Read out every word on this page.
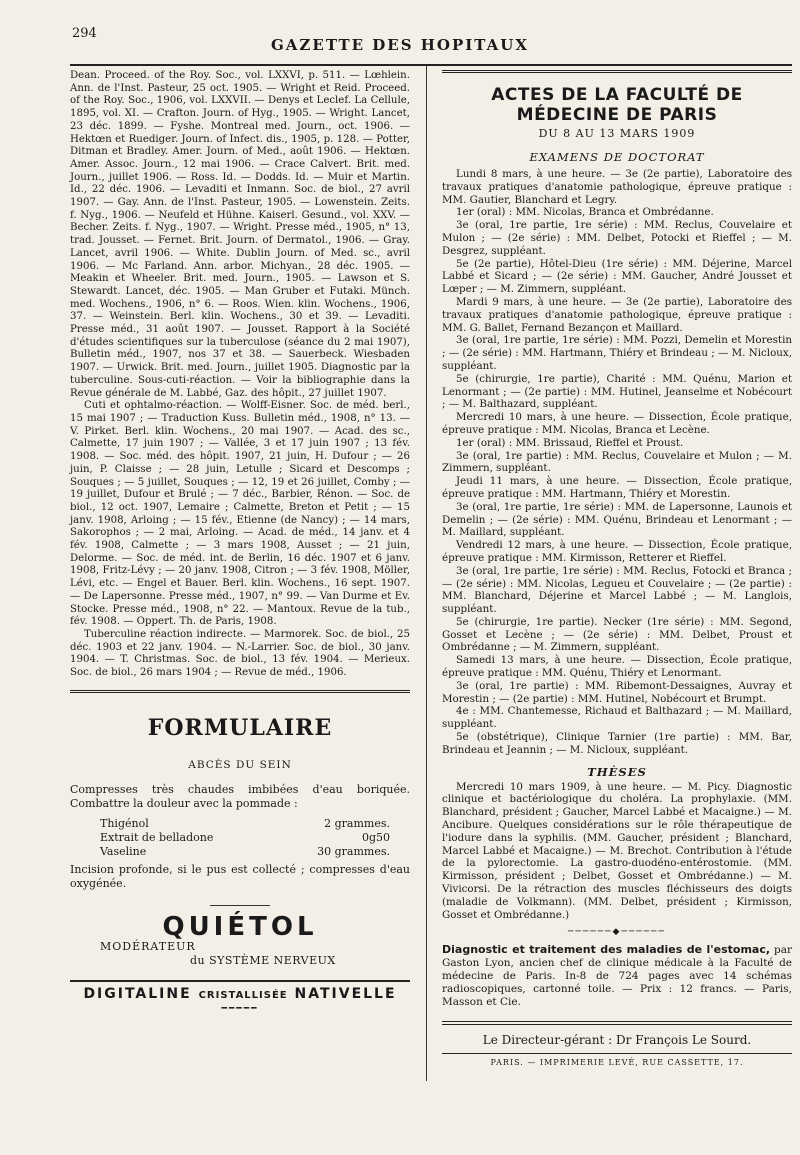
294
GAZETTE DES HOPITAUX

Dean. Proceed. of the Roy. Soc., vol. LXXVI, p. 511. — Lœhlein. Ann. de l'Inst. Pasteur, 25 oct. 1905. — Wright et Reid. Proceed. of the Roy. Soc., 1906, vol. LXXVII. — Denys et Leclef. La Cellule, 1895, vol. XI. — Crafton. Journ. of Hyg., 1905. — Wright. Lancet, 23 déc. 1899. — Fyshe. Montreal med. Journ., oct. 1906. — Hektœn et Ruediger. Journ. of Infect. dis., 1905, p. 128. — Potter, Ditman et Bradley. Amer. Journ. of Med., août 1906. — Hektœn. Amer. Assoc. Journ., 12 mai 1906. — Crace Calvert. Brit. med. Journ., juillet 1906. — Ross. Id. — Dodds. Id. — Muir et Martin. Id., 22 déc. 1906. — Levaditi et Inmann. Soc. de biol., 27 avril 1907. — Gay. Ann. de l'Inst. Pasteur, 1905. — Lowenstein. Zeits. f. Nyg., 1906. — Neufeld et Hühne. Kaiserl. Gesund., vol. XXV. — Becher. Zeits. f. Nyg., 1907. — Wright. Presse méd., 1905, n° 13, trad. Jousset. — Fernet. Brit. Journ. of Dermatol., 1906. — Gray. Lancet, avril 1906. — White. Dublin Journ. of Med. sc., avril 1906. — Mc Farland. Ann. arbor. Michyan., 28 déc. 1905. — Meakin et Wheeler. Brit. med. Journ., 1905. — Lawson et S. Stewardt. Lancet, déc. 1905. — Man Gruber et Futaki. Münch. med. Wochens., 1906, n° 6. — Roos. Wien. klin. Wochens., 1906, 37. — Weinstein. Berl. klin. Wochens., 30 et 39. — Levaditi. Presse méd., 31 août 1907. — Jousset. Rapport à la Société d'études scientifiques sur la tuberculose (séance du 2 mai 1907), Bulletin méd., 1907, nos 37 et 38. — Sauerbeck. Wiesbaden 1907. — Urwick. Brit. med. Journ., juillet 1905. Diagnostic par la tuberculine. Sous-cuti-réaction. — Voir la bibliographie dans la Revue générale de M. Labbé, Gaz. des hôpit., 27 juillet 1907.

Cuti et ophtalmo-réaction. — Wolff-Eisner. Soc. de méd. berl., 15 mai 1907 ; — Traduction Kuss. Bulletin méd., 1908, n° 13. — V. Pirket. Berl. klin. Wochens., 20 mai 1907. — Acad. des sc., Calmette, 17 juin 1907 ; — Vallée, 3 et 17 juin 1907 ; 13 fév. 1908. — Soc. méd. des hôpit. 1907, 21 juin, H. Dufour ; — 26 juin, P. Claisse ; — 28 juin, Letulle ; Sicard et Descomps ; Souques ; — 5 juillet, Souques ; — 12, 19 et 26 juillet, Comby ; — 19 juillet, Dufour et Brulé ; — 7 déc., Barbier, Rénon. — Soc. de biol., 12 oct. 1907, Lemaire ; Calmette, Breton et Petit ; — 15 janv. 1908, Arloing ; — 15 fév., Etienne (de Nancy) ; — 14 mars, Sakorophos ; — 2 mai, Arloing. — Acad. de méd., 14 janv. et 4 fév. 1908, Calmette ; — 3 mars 1908, Ausset ; — 21 juin, Delorme. — Soc. de méd. int. de Berlin, 16 déc. 1907 et 6 janv. 1908, Fritz-Lévy ; — 20 janv. 1908, Citron ; — 3 fév. 1908, Möller, Lévi, etc. — Engel et Bauer. Berl. klin. Wochens., 16 sept. 1907. — De Lapersonne. Presse méd., 1907, n° 99. — Van Durme et Ev. Stocke. Presse méd., 1908, n° 22. — Mantoux. Revue de la tub., fév. 1908. — Oppert. Th. de Paris, 1908.

Tuberculine réaction indirecte. — Marmorek. Soc. de biol., 25 déc. 1903 et 22 janv. 1904. — N.-Larrier. Soc. de biol., 30 janv. 1904. — T. Christmas. Soc. de biol., 13 fév. 1904. — Merieux. Soc. de biol., 26 mars 1904 ; — Revue de méd., 1906.

FORMULAIRE
ABCÈS DU SEIN

Compresses très chaudes imbibées d'eau boriquée. Combattre la douleur avec la pommade :

Thigénol	2 grammes.
Extrait de belladone	0g50
Vaseline	30 grammes.

Incision profonde, si le pus est collecté ; compresses d'eau oxygénée.

QUIÉTOL
MODÉRATEUR
du SYSTÈME NERVEUX
DIGITALINE CRISTALLISÉE NATIVELLE
━━━━━
ACTES DE LA FACULTÉ DE MÉDECINE DE PARIS
DU 8 AU 13 MARS 1909
EXAMENS DE DOCTORAT

Lundi 8 mars, à une heure. — 3e (2e partie), Laboratoire des travaux pratiques d'anatomie pathologique, épreuve pratique : MM. Gautier, Blanchard et Legry.

1er (oral) : MM. Nicolas, Branca et Ombrédanne.

3e (oral, 1re partie, 1re série) : MM. Reclus, Couvelaire et Mulon ; — (2e série) : MM. Delbet, Potocki et Rieffel ; — M. Desgrez, suppléant.

5e (2e partie), Hôtel-Dieu (1re série) : MM. Déjerine, Marcel Labbé et Sicard ; — (2e série) : MM. Gaucher, André Jousset et Lœper ; — M. Zimmern, suppléant.

Mardi 9 mars, à une heure. — 3e (2e partie), Laboratoire des travaux pratiques d'anatomie pathologique, épreuve pratique : MM. G. Ballet, Fernand Bezançon et Maillard.

3e (oral, 1re partie, 1re série) : MM. Pozzi, Demelin et Morestin ; — (2e série) : MM. Hartmann, Thiéry et Brindeau ; — M. Nicloux, suppléant.

5e (chirurgie, 1re partie), Charité : MM. Quénu, Marion et Lenormant ; — (2e partie) : MM. Hutinel, Jeanselme et Nobécourt ; — M. Balthazard, suppléant.

Mercredi 10 mars, à une heure. — Dissection, École pratique, épreuve pratique : MM. Nicolas, Branca et Lecène.

1er (oral) : MM. Brissaud, Rieffel et Proust.

3e (oral, 1re partie) : MM. Reclus, Couvelaire et Mulon ; — M. Zimmern, suppléant.

Jeudi 11 mars, à une heure. — Dissection, École pratique, épreuve pratique : MM. Hartmann, Thiéry et Morestin.

3e (oral, 1re partie, 1re série) : MM. de Lapersonne, Launois et Demelin ; — (2e série) : MM. Quénu, Brindeau et Lenormant ; — M. Maillard, suppléant.

Vendredi 12 mars, à une heure. — Dissection, École pratique, épreuve pratique : MM. Kirmisson, Retterer et Rieffel.

3e (oral, 1re partie, 1re série) : MM. Reclus, Fotocki et Branca ; — (2e série) : MM. Nicolas, Legueu et Couvelaire ; — (2e partie) : MM. Blanchard, Déjerine et Marcel Labbé ; — M. Langlois, suppléant.

5e (chirurgie, 1re partie). Necker (1re série) : MM. Segond, Gosset et Lecène ; — (2e série) : MM. Delbet, Proust et Ombrédanne ; — M. Zimmern, suppléant.

Samedi 13 mars, à une heure. — Dissection, École pratique, épreuve pratique : MM. Quénu, Thiéry et Lenormant.

3e (oral, 1re partie) : MM. Ribemont-Dessaignes, Auvray et Morestin ; — (2e partie) : MM. Hutinel, Nobécourt et Brumpt.

4e : MM. Chantemesse, Richaud et Balthazard ; — M. Maillard, suppléant.

5e (obstétrique), Clinique Tarnier (1re partie) : MM. Bar, Brindeau et Jeannin ; — M. Nicloux, suppléant.

THÈSES

Mercredi 10 mars 1909, à une heure. — M. Picy. Diagnostic clinique et bactériologique du choléra. La prophylaxie. (MM. Blanchard, président ; Gaucher, Marcel Labbé et Macaigne.) — M. Ancibure. Quelques considérations sur le rôle thérapeutique de l'iodure dans la syphilis. (MM. Gaucher, président ; Blanchard, Marcel Labbé et Macaigne.) — M. Brechot. Contribution à l'étude de la pylorectomie. La gastro-duodéno-entérostomie. (MM. Kirmisson, président ; Delbet, Gosset et Ombrédanne.) — M. Vivicorsi. De la rétraction des muscles fléchisseurs des doigts (maladie de Volkmann). (MM. Delbet, président ; Kirmisson, Gosset et Ombrédanne.)

──────◆──────
Diagnostic et traitement des maladies de l'estomac, par Gaston Lyon, ancien chef de clinique médicale à la Faculté de médecine de Paris. In-8 de 724 pages avec 14 schémas radioscopiques, cartonné toile. — Prix : 12 francs. — Paris, Masson et Cie.
Le Directeur-gérant : Dr François Le Sourd.
PARIS. — IMPRIMERIE LEVÉ, RUE CASSETTE, 17.
